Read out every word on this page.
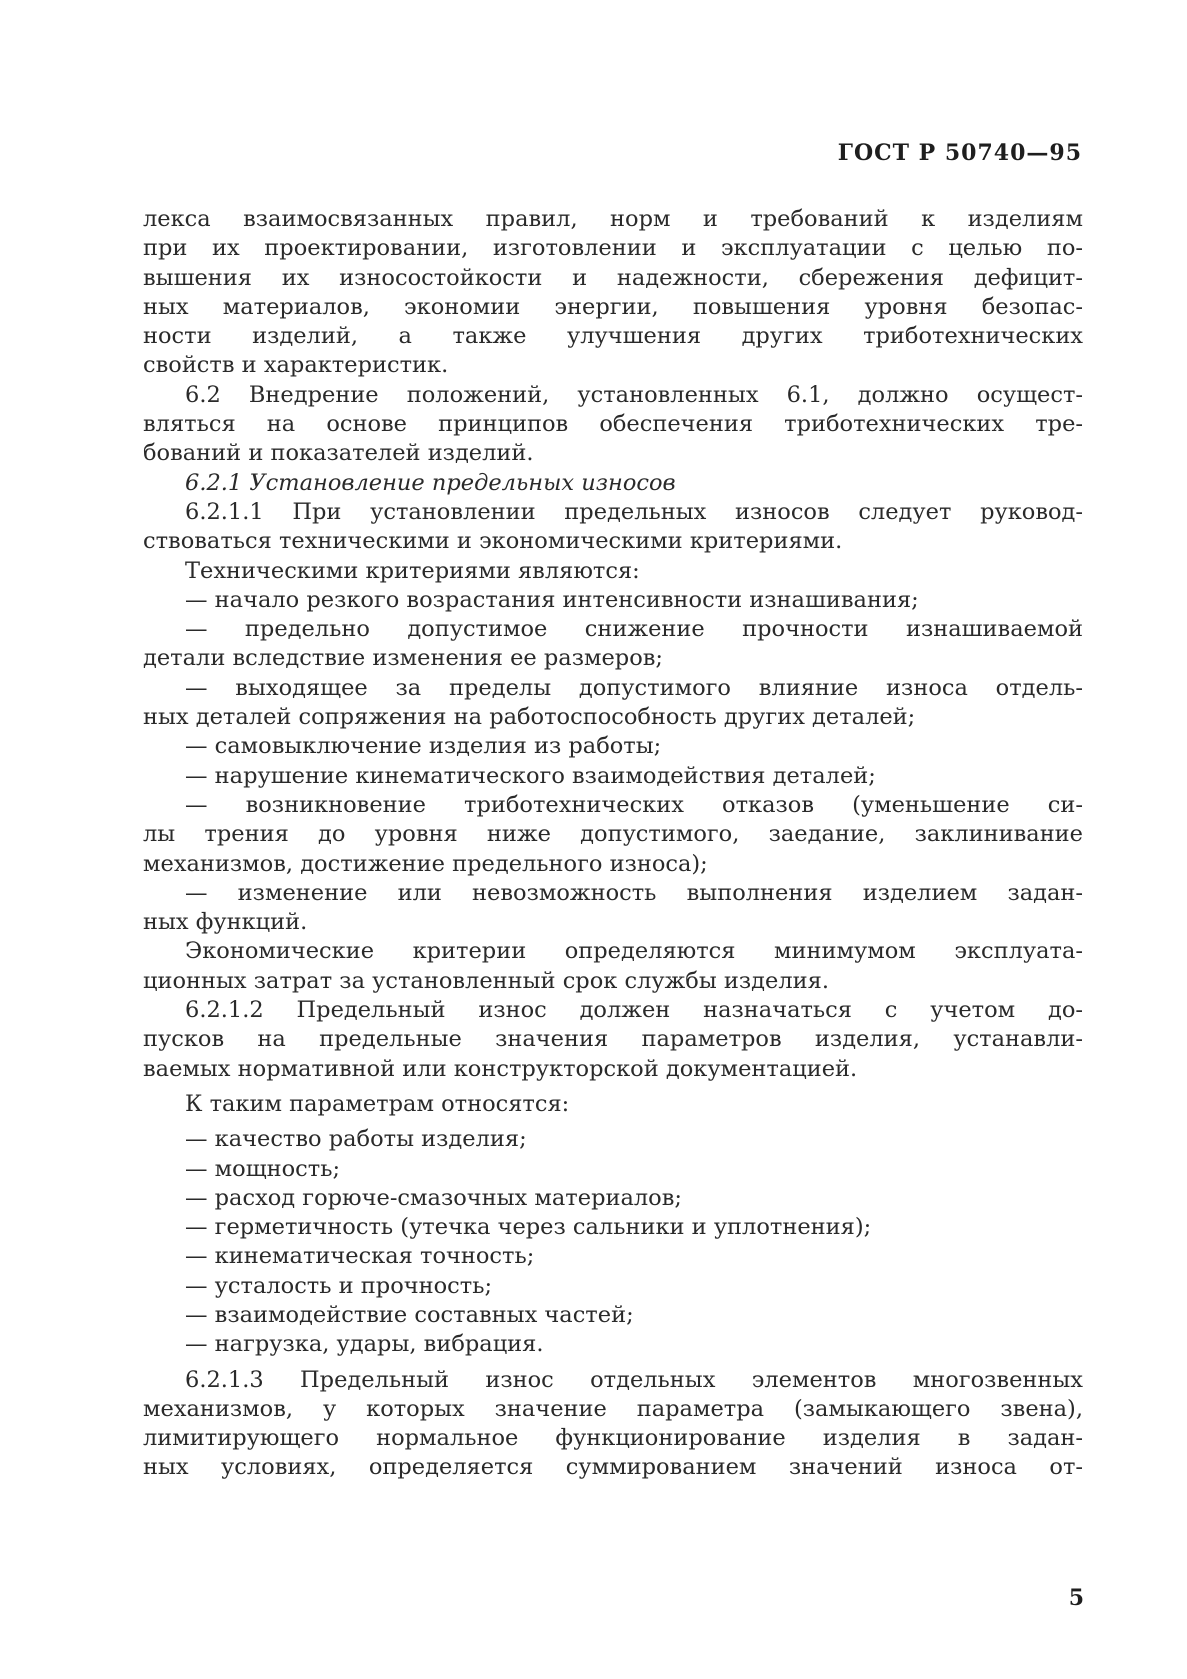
ГОСТ Р 50740—95

лекса взаимосвязанных правил, норм и требований к изделиям

при их проектировании, изготовлении и эксплуатации с целью по-

вышения их износостойкости и надежности, сбережения дефицит-

ных материалов, экономии энергии, повышения уровня безопас-

ности изделий, а также улучшения других триботехнических

свойств и характеристик.

6.2 Внедрение положений, установленных 6.1, должно осущест-

вляться на основе принципов обеспечения триботехнических тре-

бований и показателей изделий.

6.2.1 Установление предельных износов

6.2.1.1 При установлении предельных износов следует руковод-

ствоваться техническими и экономическими критериями.

Техническими критериями являются:

— начало резкого возрастания интенсивности изнашивания;

— предельно допустимое снижение прочности изнашиваемой

детали вследствие изменения ее размеров;

— выходящее за пределы допустимого влияние износа отдель-

ных деталей сопряжения на работоспособность других деталей;

— самовыключение изделия из работы;

— нарушение кинематического взаимодействия деталей;

— возникновение триботехнических отказов (уменьшение си-

лы трения до уровня ниже допустимого, заедание, заклинивание

механизмов, достижение предельного износа);

— изменение или невозможность выполнения изделием задан-

ных функций.

Экономические критерии определяются минимумом эксплуата-

ционных затрат за установленный срок службы изделия.

6.2.1.2 Предельный износ должен назначаться с учетом до-

пусков на предельные значения параметров изделия, устанавли-

ваемых нормативной или конструкторской документацией.

К таким параметрам относятся:

— качество работы изделия;

— мощность;

— расход горюче-смазочных материалов;

— герметичность (утечка через сальники и уплотнения);

— кинематическая точность;

— усталость и прочность;

— взаимодействие составных частей;

— нагрузка, удары, вибрация.

6.2.1.3 Предельный износ отдельных элементов многозвенных

механизмов, у которых значение параметра (замыкающего звена),

лимитирующего нормальное функционирование изделия в задан-

ных условиях, определяется суммированием значений износа от-

5
